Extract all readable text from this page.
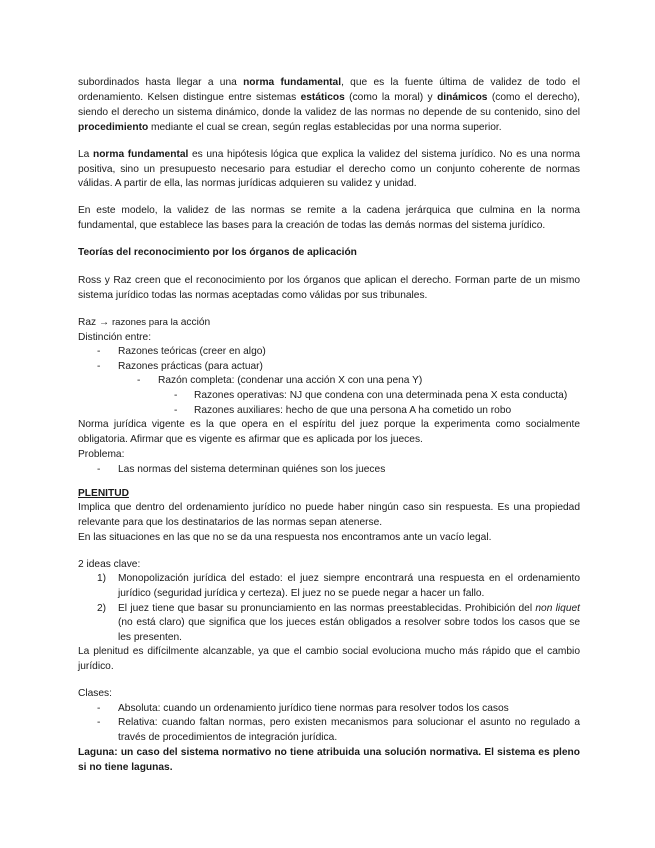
subordinados hasta llegar a una norma fundamental, que es la fuente última de validez de todo el ordenamiento. Kelsen distingue entre sistemas estáticos (como la moral) y dinámicos (como el derecho), siendo el derecho un sistema dinámico, donde la validez de las normas no depende de su contenido, sino del procedimiento mediante el cual se crean, según reglas establecidas por una norma superior.

La norma fundamental es una hipótesis lógica que explica la validez del sistema jurídico. No es una norma positiva, sino un presupuesto necesario para estudiar el derecho como un conjunto coherente de normas válidas. A partir de ella, las normas jurídicas adquieren su validez y unidad.

En este modelo, la validez de las normas se remite a la cadena jerárquica que culmina en la norma fundamental, que establece las bases para la creación de todas las demás normas del sistema jurídico.

Teorías del reconocimiento por los órganos de aplicación

Ross y Raz creen que el reconocimiento por los órganos que aplican el derecho. Forman parte de un mismo sistema jurídico todas las normas aceptadas como válidas por sus tribunales.

Raz → razones para la acción

Distinción entre:

- Razones teóricas (creer en algo)
- Razones prácticas (para actuar)
- Razón completa: (condenar una acción X con una pena Y)
- Razones operativas: NJ que condena con una determinada pena X esta conducta)
- Razones auxiliares: hecho de que una persona A ha cometido un robo

Norma jurídica vigente es la que opera en el espíritu del juez porque la experimenta como socialmente obligatoria. Afirmar que es vigente es afirmar que es aplicada por los jueces.

Problema:

- Las normas del sistema determinan quiénes son los jueces

PLENITUD

Implica que dentro del ordenamiento jurídico no puede haber ningún caso sin respuesta. Es una propiedad relevante para que los destinatarios de las normas sepan atenerse.

En las situaciones en las que no se da una respuesta nos encontramos ante un vacío legal.

2 ideas clave:

1) Monopolización jurídica del estado: el juez siempre encontrará una respuesta en el ordenamiento jurídico (seguridad jurídica y certeza). El juez no se puede negar a hacer un fallo.
2) El juez tiene que basar su pronunciamiento en las normas preestablecidas. Prohibición del non liquet (no está claro) que significa que los jueces están obligados a resolver sobre todos los casos que se les presenten.

La plenitud es difícilmente alcanzable, ya que el cambio social evoluciona mucho más rápido que el cambio jurídico.

Clases:

- Absoluta: cuando un ordenamiento jurídico tiene normas para resolver todos los casos
- Relativa: cuando faltan normas, pero existen mecanismos para solucionar el asunto no regulado a través de procedimientos de integración jurídica.

Laguna: un caso del sistema normativo no tiene atribuida una solución normativa. El sistema es pleno si no tiene lagunas.
